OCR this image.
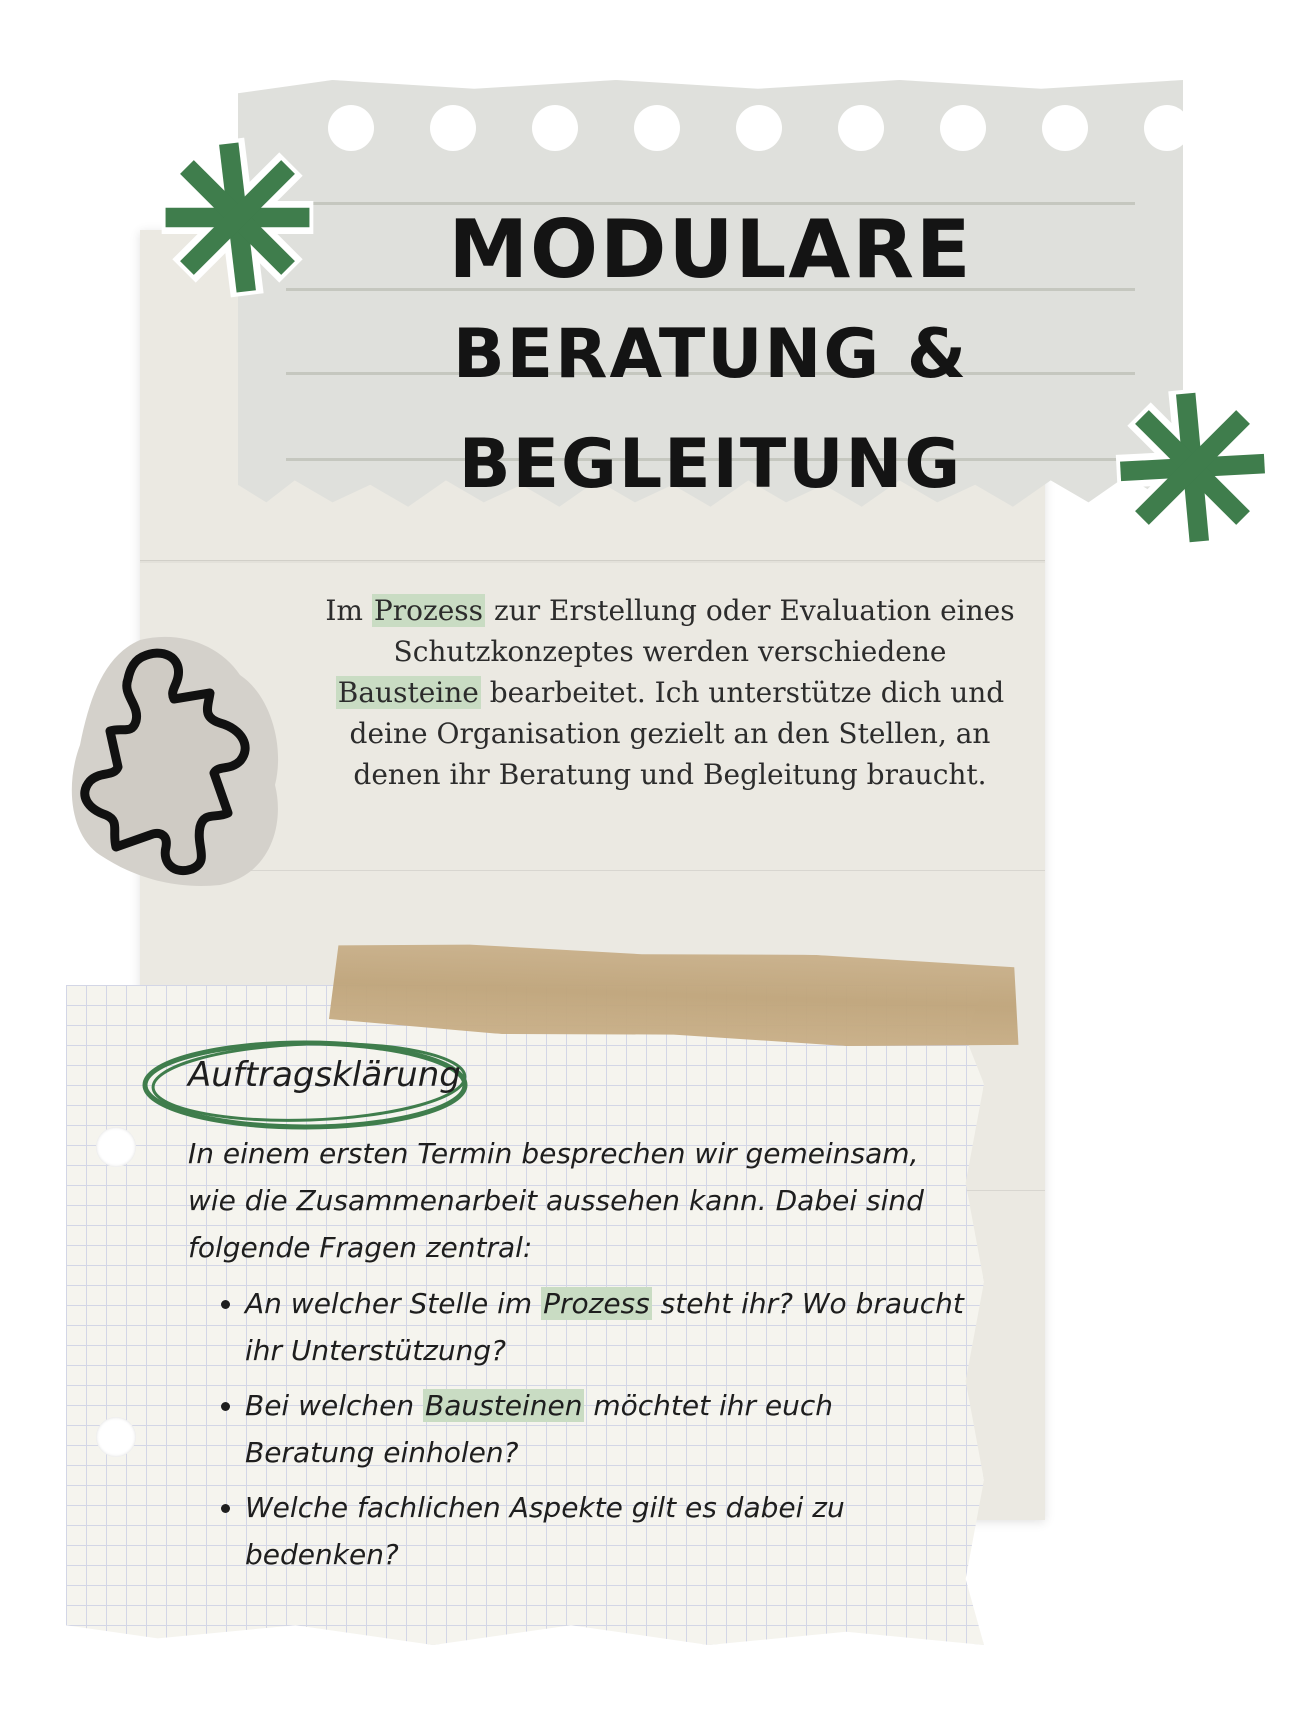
MODULARE
BERATUNG & BEGLEITUNG
Im Prozess zur Erstellung oder Evaluation eines Schutzkonzeptes werden verschiedene Bausteine bearbeitet. Ich unterstütze dich und deine Organisation gezielt an den Stellen, an denen ihr Beratung und Begleitung braucht.
Auftragsklärung
In einem ersten Termin besprechen wir gemeinsam, wie die Zusammenarbeit aussehen kann. Dabei sind folgende Fragen zentral:
• An welcher Stelle im Prozess steht ihr? Wo braucht ihr Unterstützung?
• Bei welchen Bausteinen möchtet ihr euch Beratung einholen?
• Welche fachlichen Aspekte gilt es dabei zu bedenken?
